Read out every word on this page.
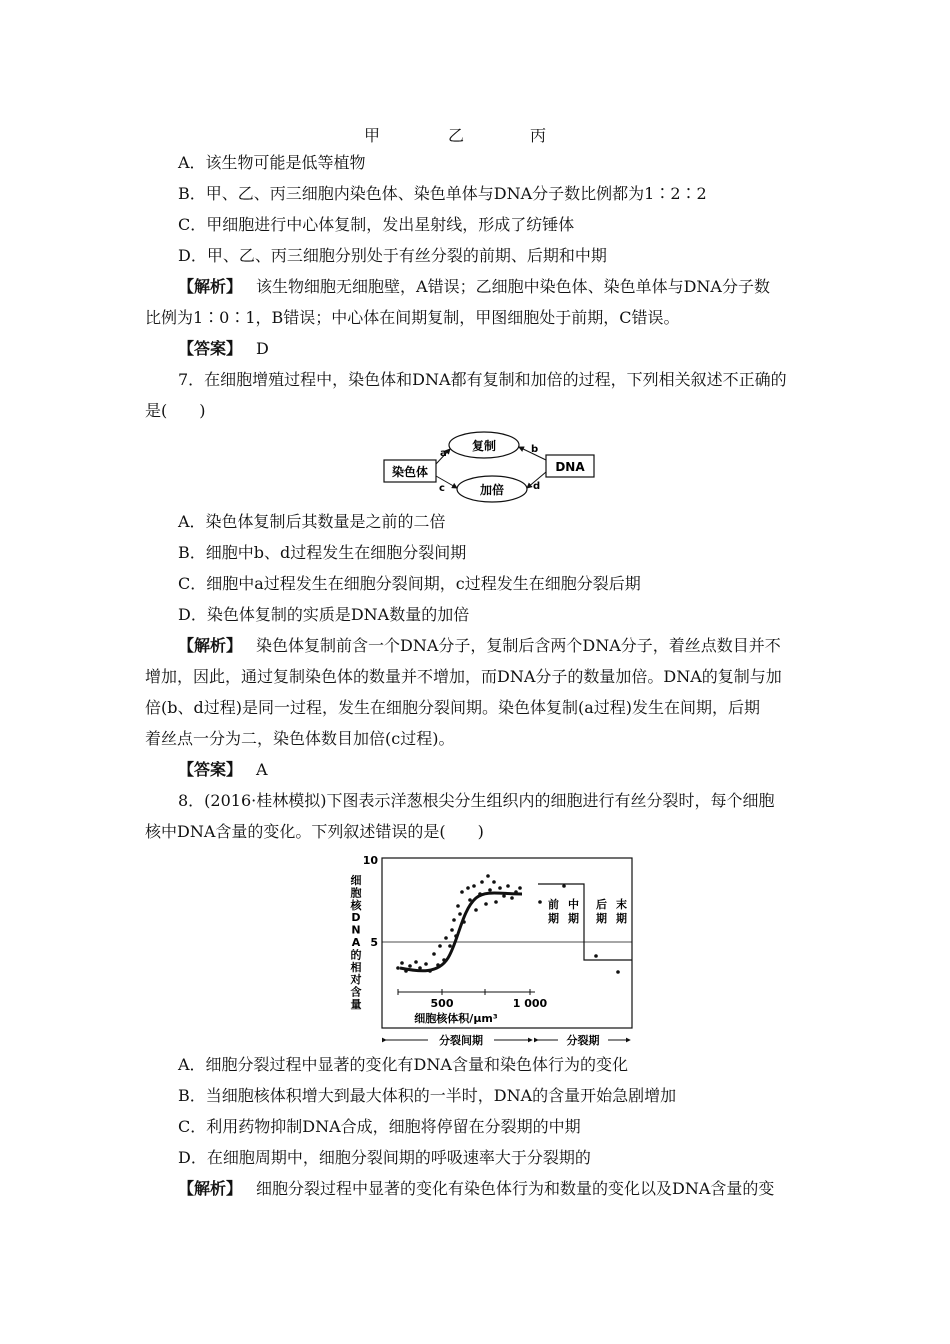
甲	乙	丙
A．该生物可能是低等植物
B．甲、乙、丙三细胞内染色体、染色单体与DNA分子数比例都为1∶2∶2
C．甲细胞进行中心体复制，发出星射线，形成了纺锤体
D．甲、乙、丙三细胞分别处于有丝分裂的前期、后期和中期
【解析】 该生物细胞无细胞壁，A错误；乙细胞中染色体、染色单体与DNA分子数
比例为1∶0∶1，B错误；中心体在间期复制，甲图细胞处于前期，C错误。
【答案】 D
7．在细胞增殖过程中，染色体和DNA都有复制和加倍的过程，下列相关叙述不正确的
是(　　)
染色体	DNA
复制
加倍
a	b
c	d
A．染色体复制后其数量是之前的二倍
B．细胞中b、d过程发生在细胞分裂间期
C．细胞中a过程发生在细胞分裂间期，c过程发生在细胞分裂后期
D．染色体复制的实质是DNA数量的加倍
【解析】 染色体复制前含一个DNA分子，复制后含两个DNA分子，着丝点数目并不
增加，因此，通过复制染色体的数量并不增加，而DNA分子的数量加倍。DNA的复制与加
倍(b、d过程)是同一过程，发生在细胞分裂间期。染色体复制(a过程)发生在间期，后期
着丝点一分为二，染色体数目加倍(c过程)。
【答案】 A
8．(2016·桂林模拟)下图表示洋葱根尖分生组织内的细胞进行有丝分裂时，每个细胞
核中DNA含量的变化。下列叙述错误的是(　　)
10
5
细
胞
核
D
N
A
的
相
对
含
量
前期
中期
后期
末期
500	1 000
细胞核体积/μm³
分裂间期	分裂期
A．细胞分裂过程中显著的变化有DNA含量和染色体行为的变化
B．当细胞核体积增大到最大体积的一半时，DNA的含量开始急剧增加
C．利用药物抑制DNA合成，细胞将停留在分裂期的中期
D．在细胞周期中，细胞分裂间期的呼吸速率大于分裂期的
【解析】 细胞分裂过程中显著的变化有染色体行为和数量的变化以及DNA含量的变
